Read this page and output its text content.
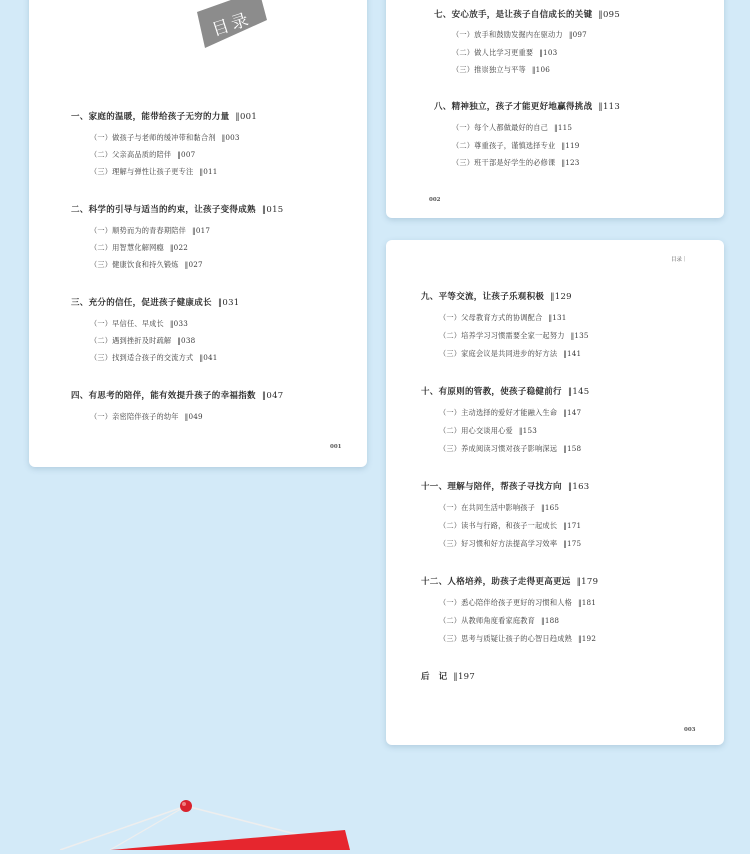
目录
一、家庭的温暖，能带给孩子无穷的力量 ‖001
（一）做孩子与老师的缓冲带和黏合剂 ‖003
（二）父亲高品质的陪伴 ‖007
（三）理解与弹性让孩子更专注 ‖011
二、科学的引导与适当的约束，让孩子变得成熟 ‖015
（一）顺势而为的青春期陪伴 ‖017
（二）用智慧化解网瘾 ‖022
（三）健康饮食和持久锻炼 ‖027
三、充分的信任，促进孩子健康成长 ‖031
（一）早信任、早成长 ‖033
（二）遇到挫折及时疏解 ‖038
（三）找到适合孩子的交流方式 ‖041
四、有思考的陪伴，能有效提升孩子的幸福指数 ‖047
（一）亲密陪伴孩子的幼年 ‖049
001
七、安心放手，是让孩子自信成长的关键 ‖095
（一）放手和鼓励发掘内在驱动力 ‖097
（二）做人比学习更重要 ‖103
（三）推崇独立与平等 ‖106
八、精神独立，孩子才能更好地赢得挑战 ‖113
（一）每个人都做最好的自己 ‖115
（二）尊重孩子，谨慎选择专业 ‖119
（三）班干部是好学生的必修课 ‖123
002
九、平等交流，让孩子乐观积极 ‖129
（一）父母教育方式的协调配合 ‖131
（二）培养学习习惯需要全家一起努力 ‖135
（三）家庭会议是共同进步的好方法 ‖141
十、有原则的管教，使孩子稳健前行 ‖145
（一）主动选择的爱好才能融入生命 ‖147
（二）用心交谈用心爱 ‖153
（三）养成阅读习惯对孩子影响深远 ‖158
十一、理解与陪伴，帮孩子寻找方向 ‖163
（一）在共同生活中影响孩子 ‖165
（二）读书与行路，和孩子一起成长 ‖171
（三）好习惯和好方法提高学习效率 ‖175
十二、人格培养，助孩子走得更高更远 ‖179
（一）悉心陪伴给孩子更好的习惯和人格 ‖181
（二）从教师角度看家庭教育 ‖188
（三）思考与质疑让孩子的心智日趋成熟 ‖192
后　记 ‖197
003
目录｜
